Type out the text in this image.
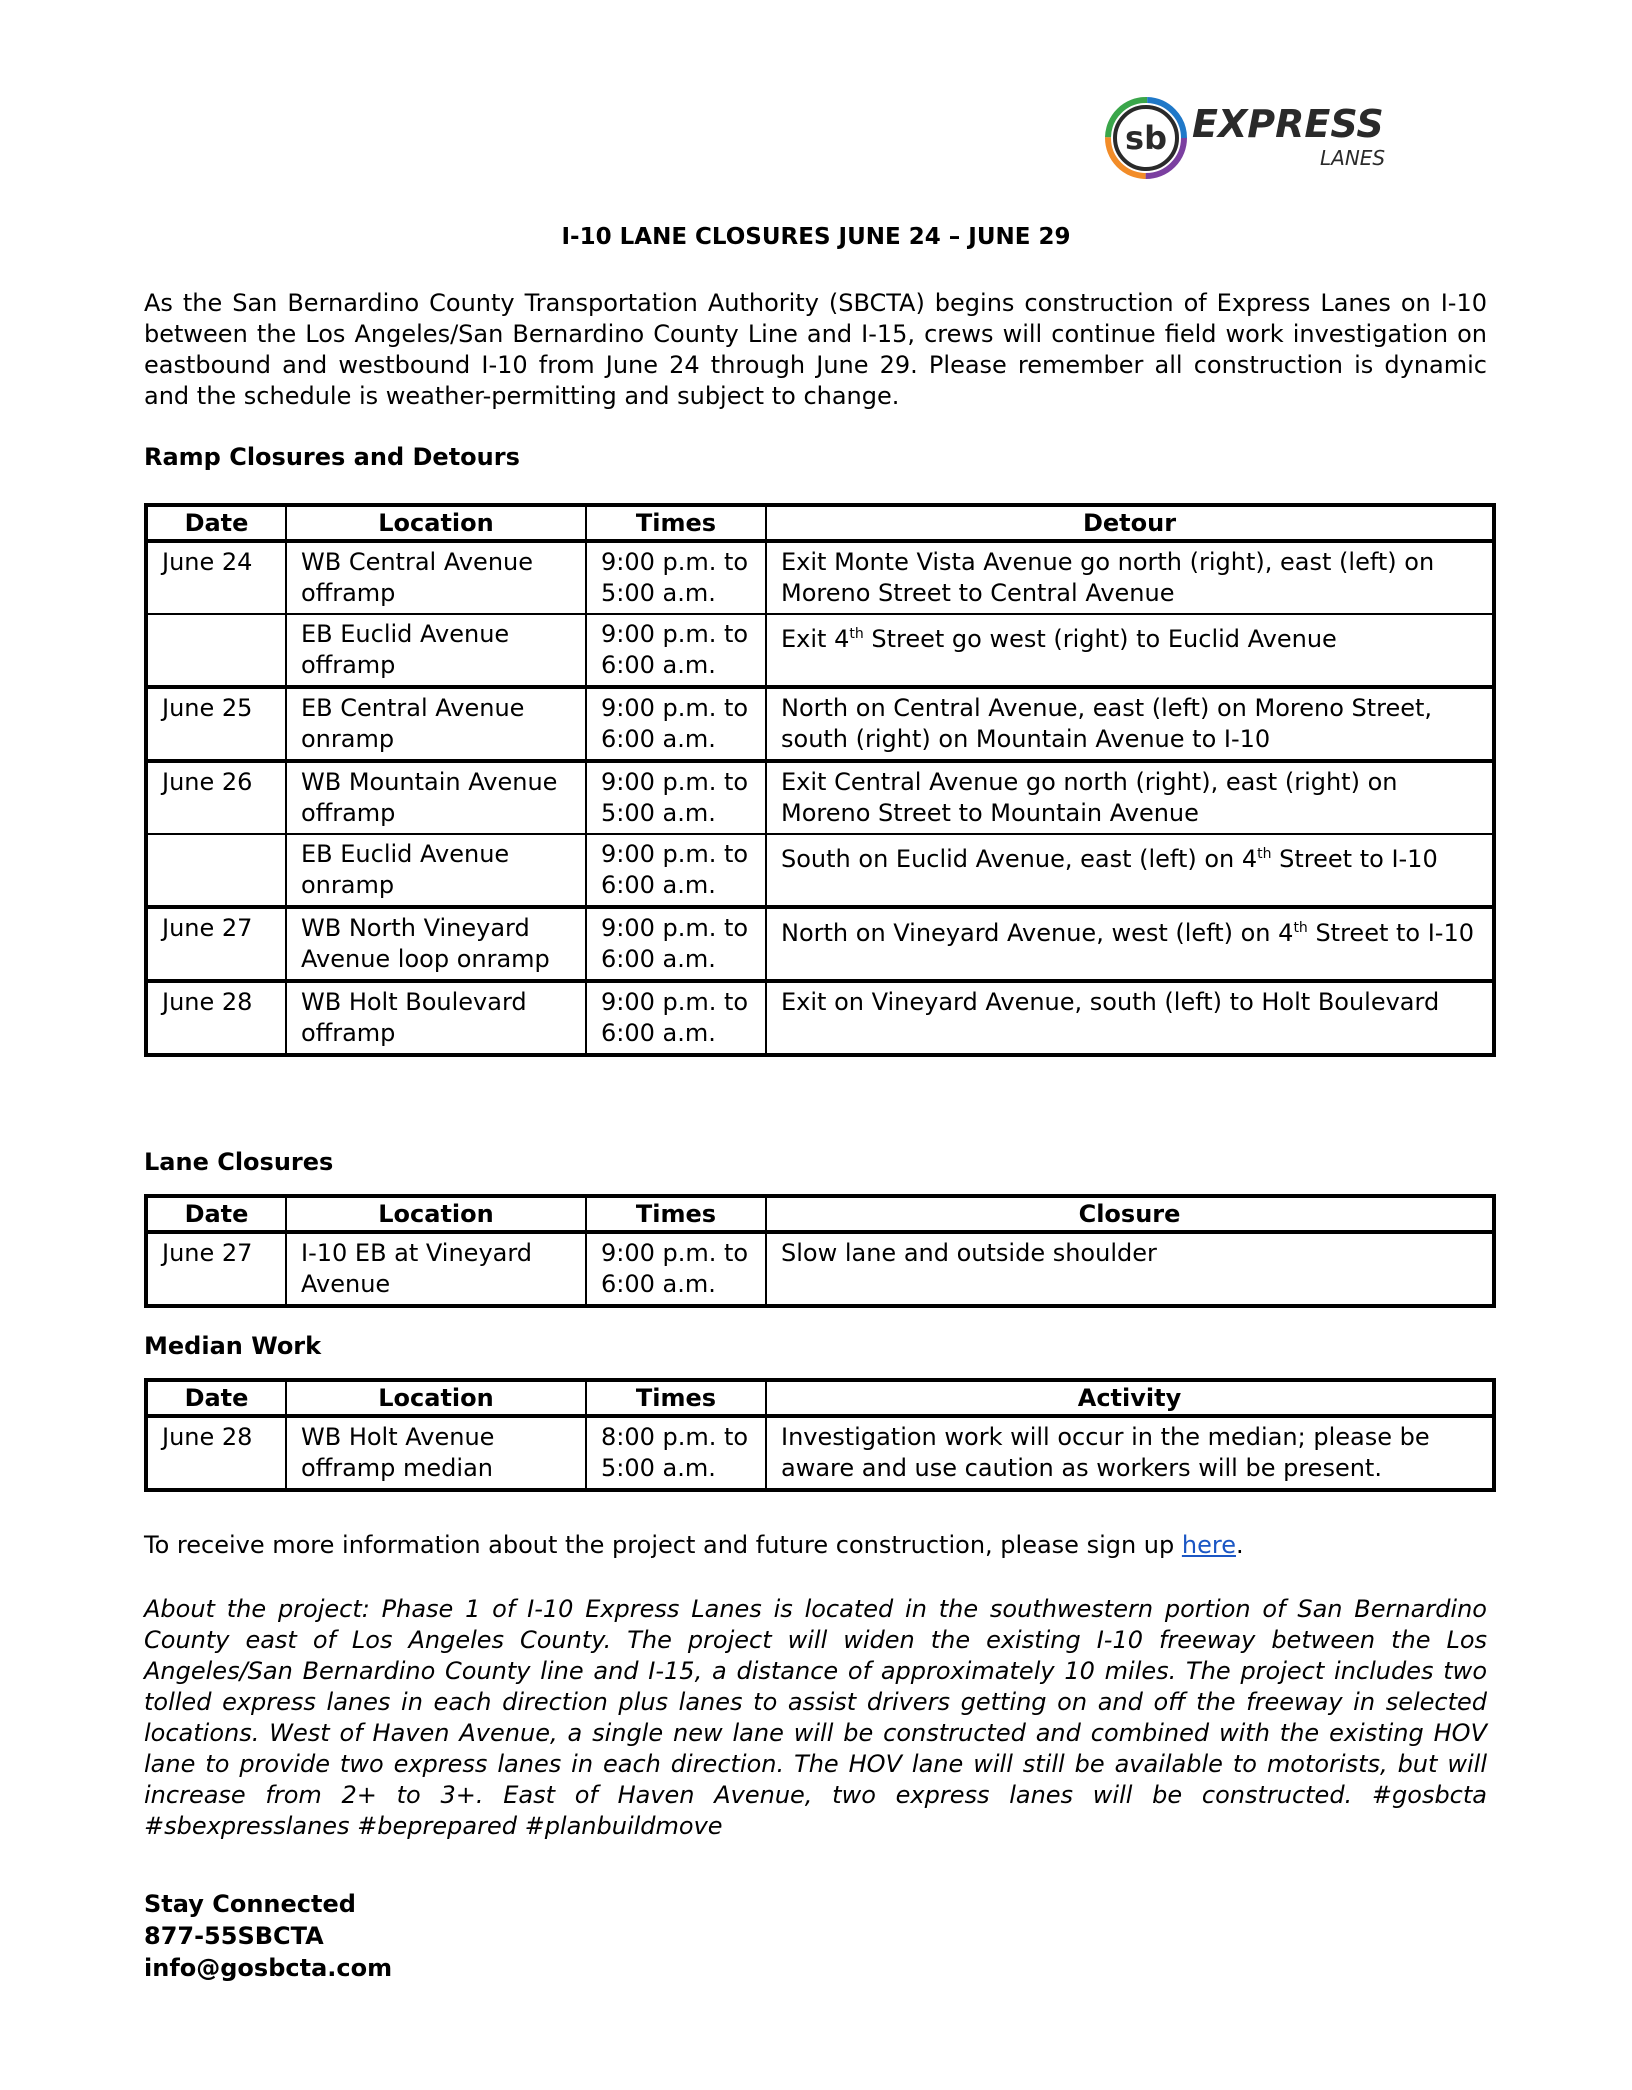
sb EXPRESS
LANES
I-10 LANE CLOSURES JUNE 24 – JUNE 29
As the San Bernardino County Transportation Authority (SBCTA) begins construction of Express Lanes on I-10 between the Los Angeles/San Bernardino County Line and I-15, crews will continue field work investigation on eastbound and westbound I-10 from June 24 through June 29. Please remember all construction is dynamic and the schedule is weather-permitting and subject to change.
Ramp Closures and Detours
Date	Location	Times	Detour
June 24	WB Central Avenue offramp	9:00 p.m. to 5:00 a.m.	Exit Monte Vista Avenue go north (right), east (left) on Moreno Street to Central Avenue
	EB Euclid Avenue offramp	9:00 p.m. to 6:00 a.m.	Exit 4th Street go west (right) to Euclid Avenue
June 25	EB Central Avenue onramp	9:00 p.m. to 6:00 a.m.	North on Central Avenue, east (left) on Moreno Street, south (right) on Mountain Avenue to I-10
June 26	WB Mountain Avenue offramp	9:00 p.m. to 5:00 a.m.	Exit Central Avenue go north (right), east (right) on Moreno Street to Mountain Avenue
	EB Euclid Avenue onramp	9:00 p.m. to 6:00 a.m.	South on Euclid Avenue, east (left) on 4th Street to I-10
June 27	WB North Vineyard Avenue loop onramp	9:00 p.m. to 6:00 a.m.	North on Vineyard Avenue, west (left) on 4th Street to I-10
June 28	WB Holt Boulevard offramp	9:00 p.m. to 6:00 a.m.	Exit on Vineyard Avenue, south (left) to Holt Boulevard
Lane Closures
Date	Location	Times	Closure
June 27	I-10 EB at Vineyard Avenue	9:00 p.m. to 6:00 a.m.	Slow lane and outside shoulder
Median Work
Date	Location	Times	Activity
June 28	WB Holt Avenue offramp median	8:00 p.m. to 5:00 a.m.	Investigation work will occur in the median; please be aware and use caution as workers will be present.
To receive more information about the project and future construction, please sign up here.
About the project: Phase 1 of I-10 Express Lanes is located in the southwestern portion of San Bernardino County east of Los Angeles County. The project will widen the existing I-10 freeway between the Los Angeles/San Bernardino County line and I-15, a distance of approximately 10 miles. The project includes two tolled express lanes in each direction plus lanes to assist drivers getting on and off the freeway in selected locations. West of Haven Avenue, a single new lane will be constructed and combined with the existing HOV lane to provide two express lanes in each direction. The HOV lane will still be available to motorists, but will increase from 2+ to 3+. East of Haven Avenue, two express lanes will be constructed. #gosbcta #sbexpresslanes #beprepared #planbuildmove
Stay Connected
877-55SBCTA
info@gosbcta.com
